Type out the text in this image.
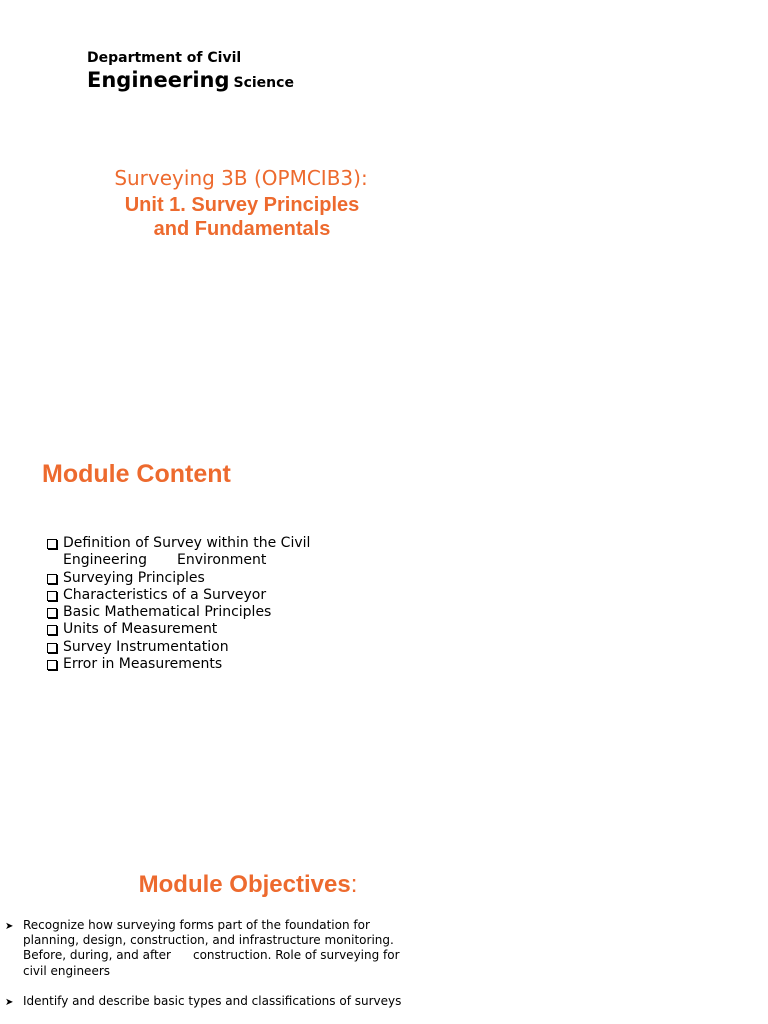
Department of Civil
Engineering Science
Surveying 3B (OPMCIB3):
Unit 1. Survey Principles
and Fundamentals
Module Content
Definition of Survey within the Civil
Engineering Environment
Surveying Principles
Characteristics of a Surveyor
Basic Mathematical Principles
Units of Measurement
Survey Instrumentation
Error in Measurements
Module Objectives:
➤ Recognize how surveying forms part of the foundation for
planning, design, construction, and infrastructure monitoring.
Before, during, and after construction. Role of surveying for
civil engineers
➤ Identify and describe basic types and classifications of surveys
